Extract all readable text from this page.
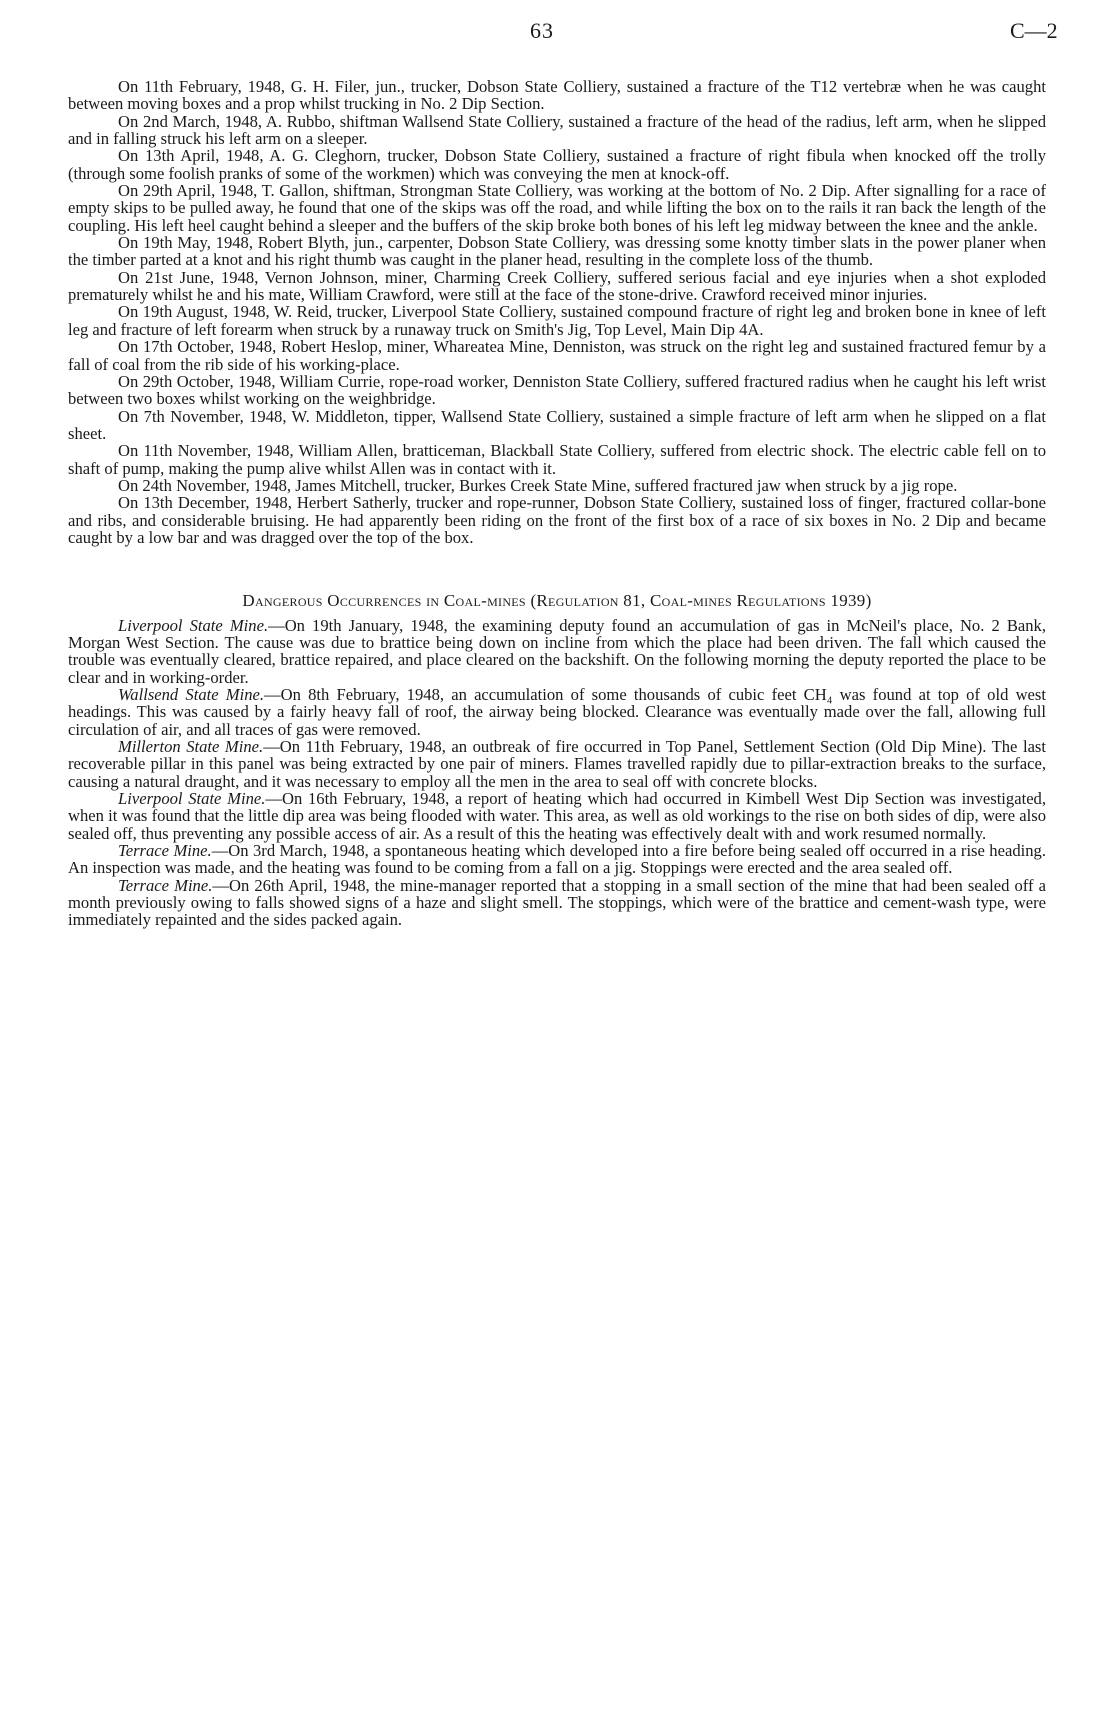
63	C—2

On 11th February, 1948, G. H. Filer, jun., trucker, Dobson State Colliery, sustained a fracture of the T12 vertebræ when he was caught between moving boxes and a prop whilst trucking in No. 2 Dip Section.

On 2nd March, 1948, A. Rubbo, shiftman Wallsend State Colliery, sustained a fracture of the head of the radius, left arm, when he slipped and in falling struck his left arm on a sleeper.

On 13th April, 1948, A. G. Cleghorn, trucker, Dobson State Colliery, sustained a fracture of right fibula when knocked off the trolly (through some foolish pranks of some of the workmen) which was conveying the men at knock-off.

On 29th April, 1948, T. Gallon, shiftman, Strongman State Colliery, was working at the bottom of No. 2 Dip. After signalling for a race of empty skips to be pulled away, he found that one of the skips was off the road, and while lifting the box on to the rails it ran back the length of the coupling. His left heel caught behind a sleeper and the buffers of the skip broke both bones of his left leg midway between the knee and the ankle.

On 19th May, 1948, Robert Blyth, jun., carpenter, Dobson State Colliery, was dressing some knotty timber slats in the power planer when the timber parted at a knot and his right thumb was caught in the planer head, resulting in the complete loss of the thumb.

On 21st June, 1948, Vernon Johnson, miner, Charming Creek Colliery, suffered serious facial and eye injuries when a shot exploded prematurely whilst he and his mate, William Crawford, were still at the face of the stone-drive. Crawford received minor injuries.

On 19th August, 1948, W. Reid, trucker, Liverpool State Colliery, sustained compound fracture of right leg and broken bone in knee of left leg and fracture of left forearm when struck by a runaway truck on Smith's Jig, Top Level, Main Dip 4A.

On 17th October, 1948, Robert Heslop, miner, Whareatea Mine, Denniston, was struck on the right leg and sustained fractured femur by a fall of coal from the rib side of his working-place.

On 29th October, 1948, William Currie, rope-road worker, Denniston State Colliery, suffered fractured radius when he caught his left wrist between two boxes whilst working on the weighbridge.

On 7th November, 1948, W. Middleton, tipper, Wallsend State Colliery, sustained a simple fracture of left arm when he slipped on a flat sheet.

On 11th November, 1948, William Allen, bratticeman, Blackball State Colliery, suffered from electric shock. The electric cable fell on to shaft of pump, making the pump alive whilst Allen was in contact with it.

On 24th November, 1948, James Mitchell, trucker, Burkes Creek State Mine, suffered fractured jaw when struck by a jig rope.

On 13th December, 1948, Herbert Satherly, trucker and rope-runner, Dobson State Colliery, sustained loss of finger, fractured collar-bone and ribs, and considerable bruising. He had apparently been riding on the front of the first box of a race of six boxes in No. 2 Dip and became caught by a low bar and was dragged over the top of the box.

Dangerous Occurrences in Coal-mines (Regulation 81, Coal-mines Regulations 1939)

Liverpool State Mine.—On 19th January, 1948, the examining deputy found an accumulation of gas in McNeil's place, No. 2 Bank, Morgan West Section. The cause was due to brattice being down on incline from which the place had been driven. The fall which caused the trouble was eventually cleared, brattice repaired, and place cleared on the backshift. On the following morning the deputy reported the place to be clear and in working-order.

Wallsend State Mine.—On 8th February, 1948, an accumulation of some thousands of cubic feet CH₄ was found at top of old west headings. This was caused by a fairly heavy fall of roof, the airway being blocked. Clearance was eventually made over the fall, allowing full circulation of air, and all traces of gas were removed.

Millerton State Mine.—On 11th February, 1948, an outbreak of fire occurred in Top Panel, Settlement Section (Old Dip Mine). The last recoverable pillar in this panel was being extracted by one pair of miners. Flames travelled rapidly due to pillar-extraction breaks to the surface, causing a natural draught, and it was necessary to employ all the men in the area to seal off with concrete blocks.

Liverpool State Mine.—On 16th February, 1948, a report of heating which had occurred in Kimbell West Dip Section was investigated, when it was found that the little dip area was being flooded with water. This area, as well as old workings to the rise on both sides of dip, were also sealed off, thus preventing any possible access of air. As a result of this the heating was effectively dealt with and work resumed normally.

Terrace Mine.—On 3rd March, 1948, a spontaneous heating which developed into a fire before being sealed off occurred in a rise heading. An inspection was made, and the heating was found to be coming from a fall on a jig. Stoppings were erected and the area sealed off.

Terrace Mine.—On 26th April, 1948, the mine-manager reported that a stopping in a small section of the mine that had been sealed off a month previously owing to falls showed signs of a haze and slight smell. The stoppings, which were of the brattice and cement-wash type, were immediately repainted and the sides packed again.
